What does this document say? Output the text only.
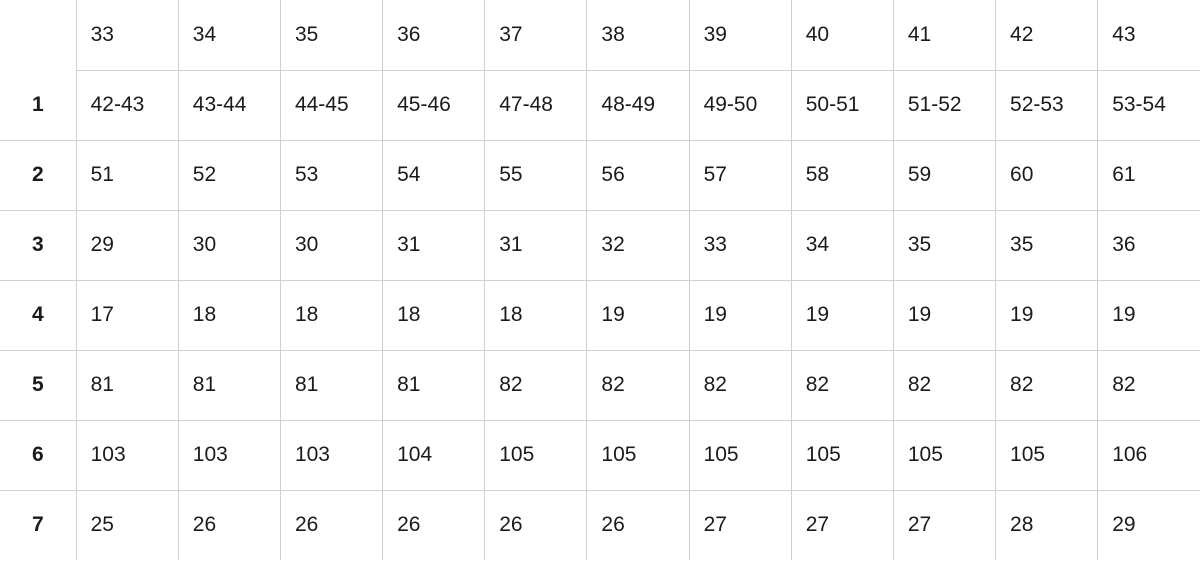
	33	34	35	36	37	38	39	40	41	42	43
1	42-43	43-44	44-45	45-46	47-48	48-49	49-50	50-51	51-52	52-53	53-54
2	51	52	53	54	55	56	57	58	59	60	61
3	29	30	30	31	31	32	33	34	35	35	36
4	17	18	18	18	18	19	19	19	19	19	19
5	81	81	81	81	82	82	82	82	82	82	82
6	103	103	103	104	105	105	105	105	105	105	106
7	25	26	26	26	26	26	27	27	27	28	29
